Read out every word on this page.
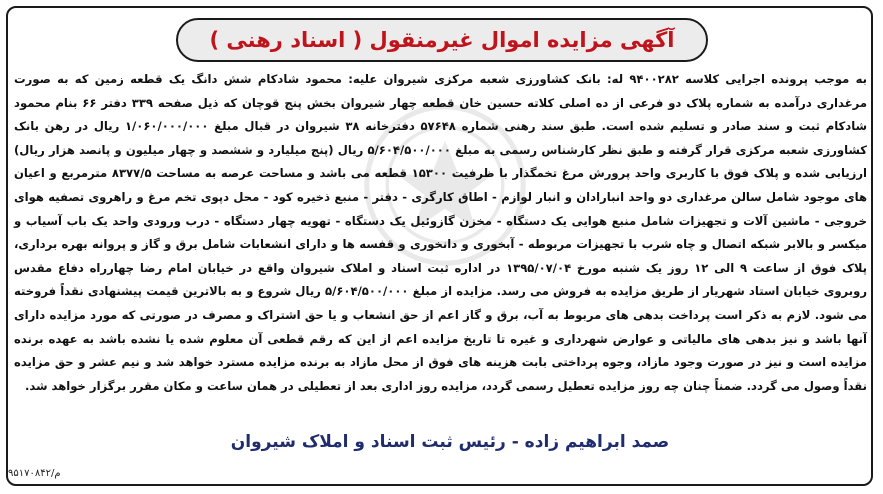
آگهی مزایده اموال غیرمنقول ( اسناد رهنی )
به موجب پرونده اجرایی کلاسه ۹۴۰۰۲۸۲ له: بانک کشاورزی شعبه مرکزی شیروان علیه: محمود شادکام شش دانگ یک قطعه زمین که به صورت مرغداری درآمده به شماره پلاک دو فرعی از ده اصلی کلاته حسین خان قطعه چهار شیروان بخش پنج قوچان که ذیل صفحه ۳۳۹ دفتر ۶۶ بنام محمود شادکام ثبت و سند صادر و تسلیم شده است. طبق سند رهنی شماره ۵۷۶۴۸ دفترخانه ۳۸ شیروان در قبال مبلغ ۱/۰۶۰/۰۰۰/۰۰۰ ریال در رهن بانک کشاورزی شعبه مرکزی قرار گرفته و طبق نظر کارشناس رسمی به مبلغ ۵/۶۰۴/۵۰۰/۰۰۰ ریال (پنج میلیارد و ششصد و چهار میلیون و پانصد هزار ریال) ارزیابی شده و پلاک فوق با کاربری واحد پرورش مرغ تخمگذار با ظرفیت ۱۵۳۰۰ قطعه می باشد و مساحت عرصه به مساحت ۸۳۷۷/۵ مترمربع و اعیان های موجود شامل سالن مرغداری دو واحد انبارادان و انبار لوازم - اطاق کارگری - دفتر - منبع ذخیره کود - محل دپوی تخم مرغ و راهروی تصفیه هوای خروجی - ماشین آلات و تجهیزات شامل منبع هوایی یک دستگاه - مخزن گازوئیل یک دستگاه - تهویه چهار دستگاه - درب ورودی واحد یک باب آسیاب و میکسر و بالابر شبکه اتصال و چاه شرب با تجهیزات مربوطه - آبخوری و دانخوری و قفسه ها و دارای انشعابات شامل برق و گاز و پروانه بهره برداری، پلاک فوق از ساعت ۹ الی ۱۲ روز یک شنبه مورخ ۱۳۹۵/۰۷/۰۴ در اداره ثبت اسناد و املاک شیروان واقع در خیابان امام رضا چهارراه دفاع مقدس روبروی خیابان استاد شهریار از طریق مزایده به فروش می رسد. مزایده از مبلغ ۵/۶۰۴/۵۰۰/۰۰۰ ریال شروع و به بالاترین قیمت پیشنهادی نقداً فروخته می شود. لازم به ذکر است پرداخت بدهی های مربوط به آب، برق و گاز اعم از حق انشعاب و یا حق اشتراک و مصرف در صورتی که مورد مزایده دارای آنها باشد و نیز بدهی های مالیاتی و عوارض شهرداری و غیره تا تاریخ مزایده اعم از این که رقم قطعی آن معلوم شده یا نشده باشد به عهده برنده مزایده است و نیز در صورت وجود مازاد، وجوه پرداختی بابت هزینه های فوق از محل مازاد به برنده مزایده مسترد خواهد شد و نیم عشر و حق مزایده نقداً وصول می گردد. ضمناً چنان چه روز مزایده تعطیل رسمی گردد، مزایده روز اداری بعد از تعطیلی در همان ساعت و مکان مقرر برگزار خواهد شد.
صمد ابراهیم زاده - رئیس ثبت اسناد و املاک شیروان
م/۹۵۱۷۰۸۴۲
